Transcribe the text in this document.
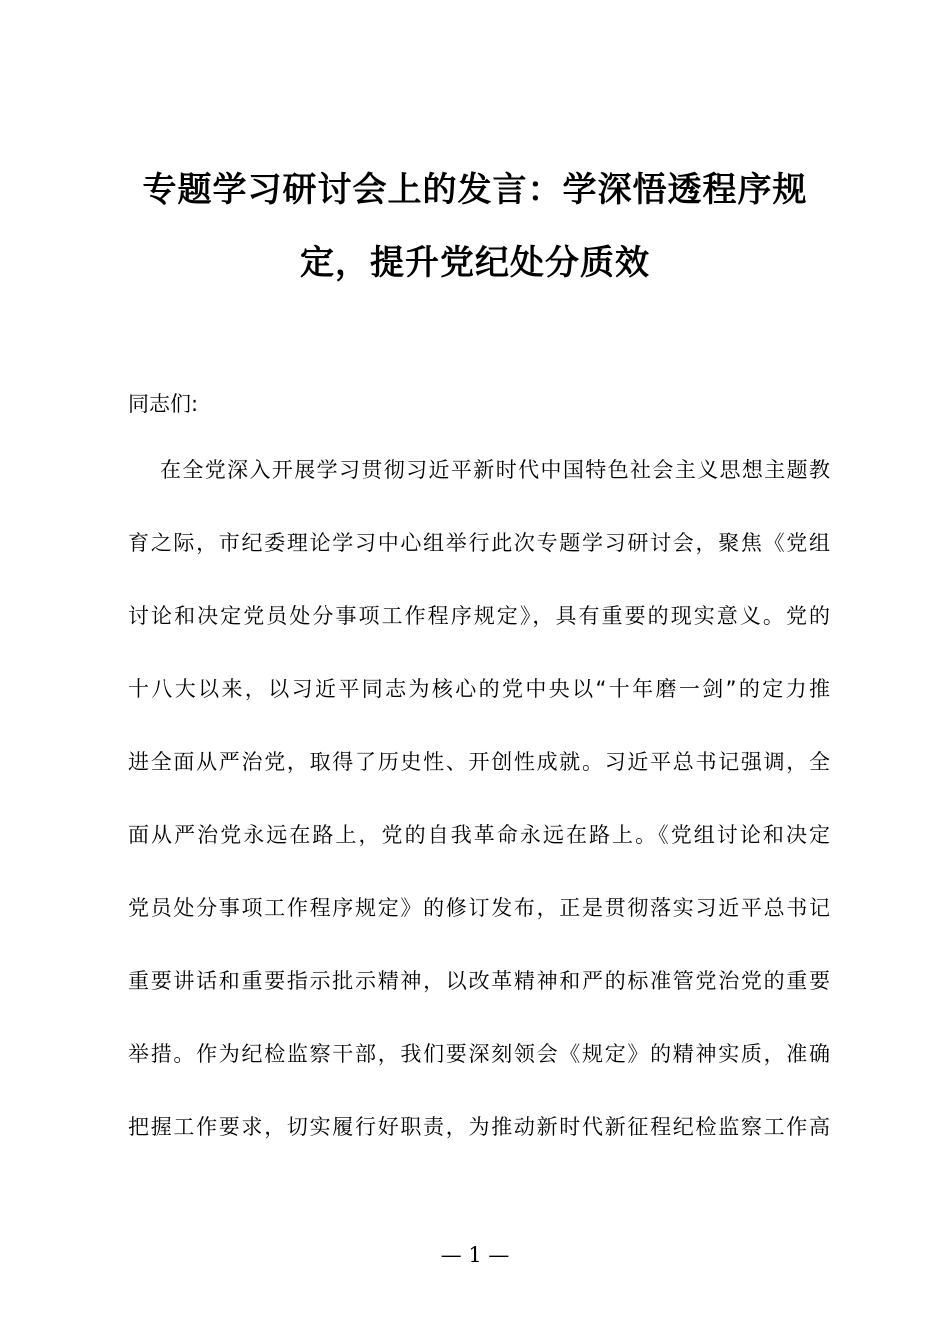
专题学习研讨会上的发言：学深悟透程序规
定，提升党纪处分质效
同志们:
在全党深入开展学习贯彻习近平新时代中国特色社会主义思想主题教
育之际，市纪委理论学习中心组举行此次专题学习研讨会，聚焦《党组
讨论和决定党员处分事项工作程序规定》，具有重要的现实意义。党的
十八大以来，以习近平同志为核心的党中央以“十年磨一剑”的定力推
进全面从严治党，取得了历史性、开创性成就。习近平总书记强调，全
面从严治党永远在路上，党的自我革命永远在路上。《党组讨论和决定
党员处分事项工作程序规定》的修订发布，正是贯彻落实习近平总书记
重要讲话和重要指示批示精神，以改革精神和严的标准管党治党的重要
举措。作为纪检监察干部，我们要深刻领会《规定》的精神实质，准确
把握工作要求，切实履行好职责，为推动新时代新征程纪检监察工作高
— 1 —
